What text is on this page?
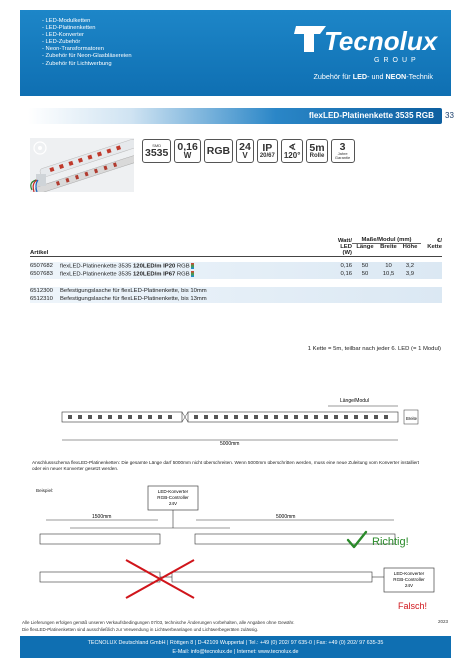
- LED-Modulketten
- LED-Platinenketten
- LED-Konverter
- LED-Zubehör
- Neon-Transformatoren
- Zubehör für Neon-Glasbläsereien
- Zubehör für Lichtwerbung
Tecnolux
GROUP
Zubehör für LED- und NEON-Technik
flexLED-Platinenkette 3535 RGB 33
SMD
3535 0,16
W RGB 24
V
IP
20/67
∢
120°
5m
Rolle
3
Jahre Garantie
		Watt/	Maße/Modul (mm)			€/
		LED	Länge	Breite	Höhe	Kette
Artikel		(W)				

6507682	flexLED-Platinenkette 3535 120LED/m IP20 RGB	0,16	50	10	3,2	
6507683	flexLED-Platinenkette 3535 120LED/m IP67 RGB	0,16	50	10,5	3,9	

6512300	Befestigungslasche für flexLED-Platinenkette, bis 10mm					
6512310	Befestigungslasche für flexLED-Platinenkette, bis 13mm					
1 Kette = 5m, teilbar nach jeder 6. LED (= 1 Modul)
Länge/Modul
Breite
5000mm
LED-Konverter
RGB-Controller
24V
1500mm	5000mm
LED-Konverter
RGB-Controller
24V
Anschlussschema flexLED-Platinenketten: Die gesamte Länge darf 5000mm nicht überschreiten. Wenn 5000mm überschritten werden, muss eine neue Zuleitung vom Konverter installiert oder ein neuer Konverter gesetzt werden.
Beispiel:
Richtig!
Falsch!
Alle Lieferungen erfolgen gemäß unseren Verkaufsbedingungen 07/03, technische Änderungen vorbehalten, alle Angaben ohne Gewähr.
Die flexLED-Platinenketten sind ausschließlich zur Verwendung in Lichtwerbeanlagen und Lichtwerbegeräten zulässig.
2023
TECNOLUX Deutschland GmbH | Röttgen 8 | D-42109 Wuppertal | Tel.: +49 (0) 202/ 97 635-0 | Fax: +49 (0) 202/ 97 635-35
E-Mail: info@tecnolux.de | Internet: www.tecnolux.de
